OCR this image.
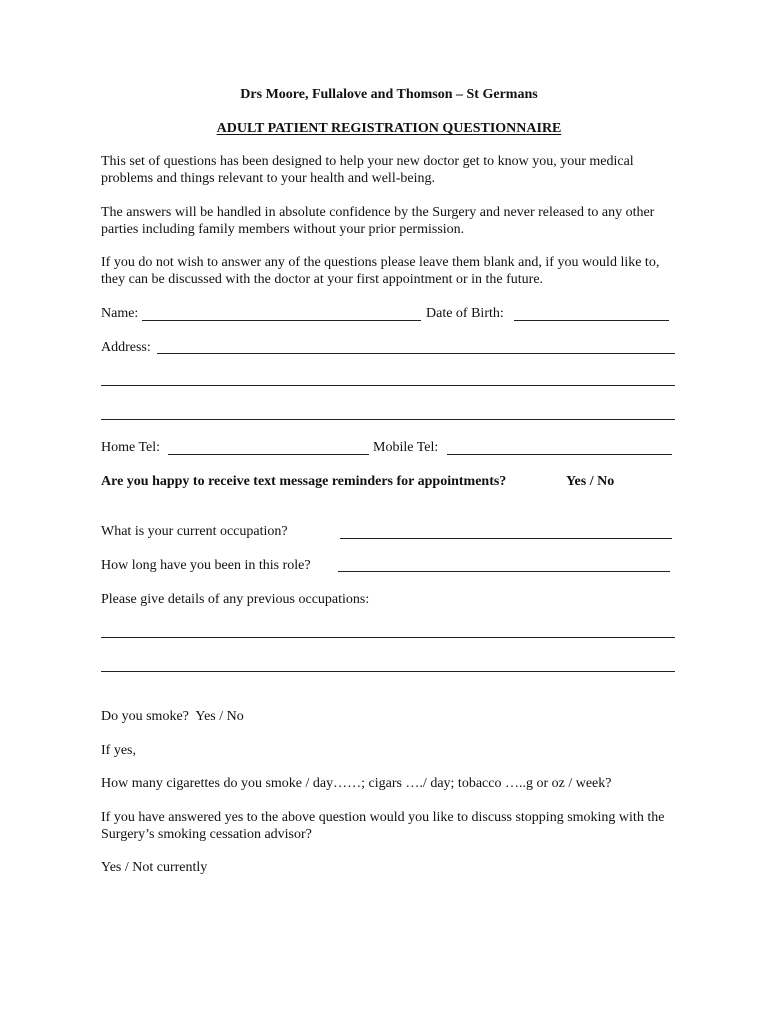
Drs Moore, Fullalove and Thomson – St Germans
ADULT PATIENT REGISTRATION QUESTIONNAIRE
This set of questions has been designed to help your new doctor get to know you, your medical problems and things relevant to your health and well-being.
The answers will be handled in absolute confidence by the Surgery and never released to any other parties including family members without your prior permission.
If you do not wish to answer any of the questions please leave them blank and, if you would like to, they can be discussed with the doctor at your first appointment or in the future.
Name:	Date of Birth:
Address:
Home Tel:	Mobile Tel:
Are you happy to receive text message reminders for appointments?	Yes / No
What is your current occupation?
How long have you been in this role?
Please give details of any previous occupations:
Do you smoke?  Yes / No
If yes,
How many cigarettes do you smoke / day……; cigars …./ day; tobacco …..g or oz / week?
If you have answered yes to the above question would you like to discuss stopping smoking with the Surgery’s smoking cessation advisor?
Yes / Not currently
